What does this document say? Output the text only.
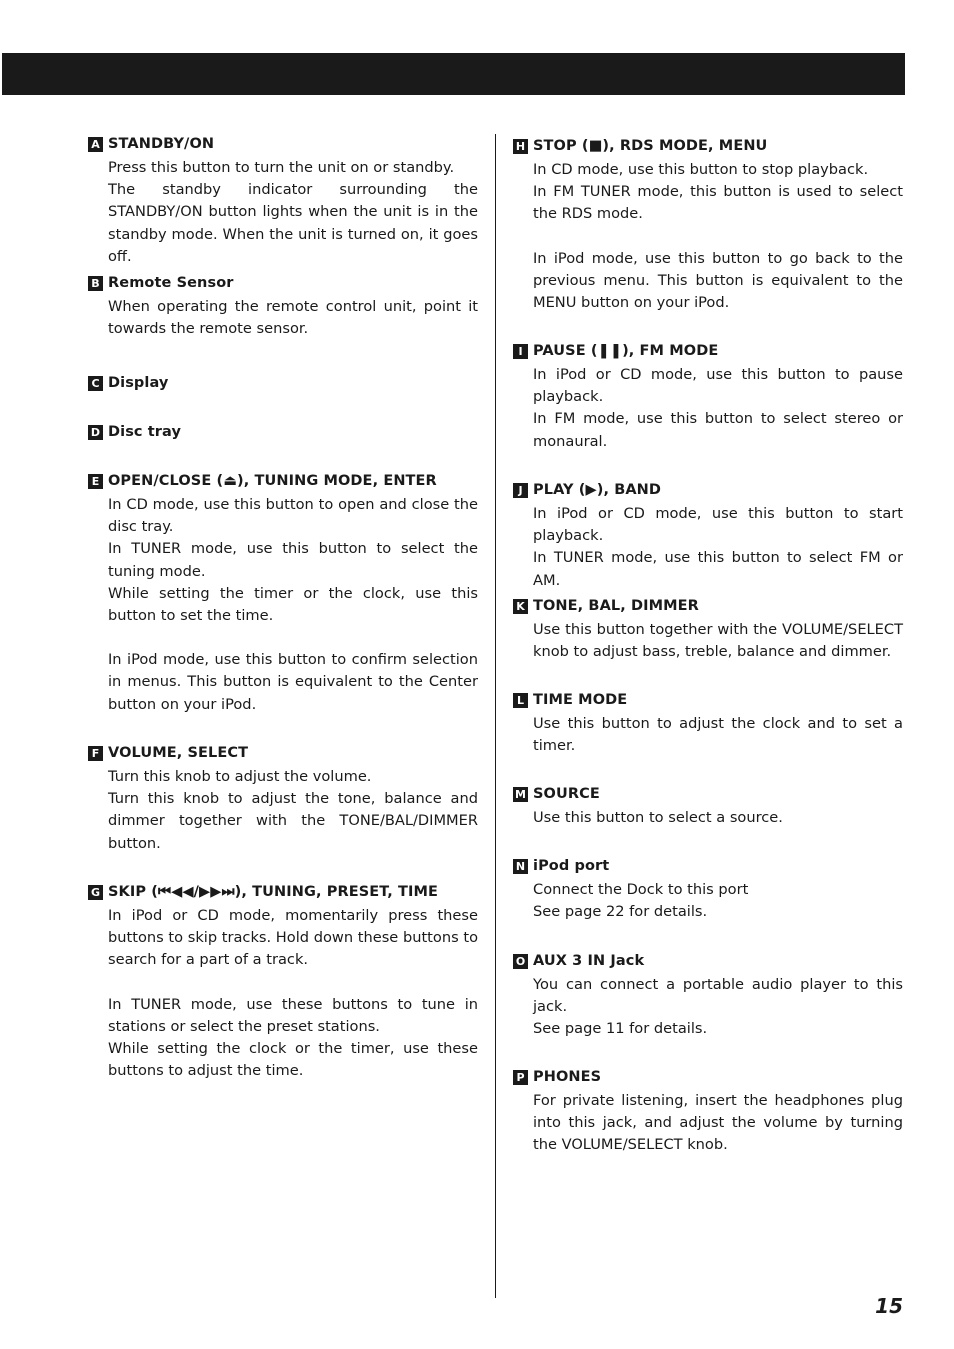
A STANDBY/ON

Press this button to turn the unit on or standby.

The standby indicator surrounding the STANDBY/ON button lights when the unit is in the standby mode. When the unit is turned on, it goes off.

B Remote Sensor

When operating the remote control unit, point it towards the remote sensor.

C Display
D Disc tray
E OPEN/CLOSE (⏏), TUNING MODE, ENTER

In CD mode, use this button to open and close the disc tray.

In TUNER mode, use this button to select the tuning mode.

While setting the timer or the clock, use this button to set the time.

In iPod mode, use this button to confirm selection in menus. This button is equivalent to the Center button on your iPod.

F VOLUME, SELECT

Turn this knob to adjust the volume.

Turn this knob to adjust the tone, balance and dimmer together with the TONE/BAL/DIMMER button.

G SKIP (⏮◀◀/▶▶⏭), TUNING, PRESET, TIME

In iPod or CD mode, momentarily press these buttons to skip tracks. Hold down these buttons to search for a part of a track.

In TUNER mode, use these buttons to tune in stations or select the preset stations.

While setting the clock or the timer, use these buttons to adjust the time.

H STOP (■), RDS MODE, MENU

In CD mode, use this button to stop playback.

In FM TUNER mode, this button is used to select the RDS mode.

In iPod mode, use this button to go back to the previous menu. This button is equivalent to the MENU button on your iPod.

I PAUSE (❚❚), FM MODE

In iPod or CD mode, use this button to pause playback.

In FM mode, use this button to select stereo or monaural.

J PLAY (▶), BAND

In iPod or CD mode, use this button to start playback.

In TUNER mode, use this button to select FM or AM.

K TONE, BAL, DIMMER

Use this button together with the VOLUME/SELECT knob to adjust bass, treble, balance and dimmer.

L TIME MODE

Use this button to adjust the clock and to set a timer.

M SOURCE

Use this button to select a source.

N iPod port

Connect the Dock to this port

See page 22 for details.

O AUX 3 IN Jack

You can connect a portable audio player to this jack.

See page 11 for details.

P PHONES

For private listening, insert the headphones plug into this jack, and adjust the volume by turning the VOLUME/SELECT knob.

15
